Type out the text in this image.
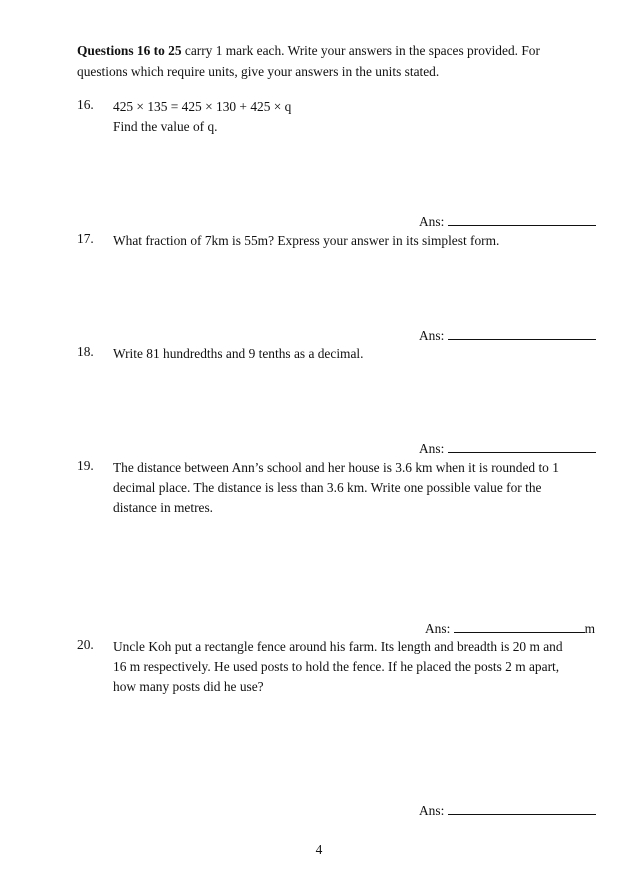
Questions 16 to 25 carry 1 mark each. Write your answers in the spaces provided. For
questions which require units, give your answers in the units stated.
16. 425 × 135 = 425 × 130 + 425 × q
Find the value of q.
Ans:
17. What fraction of 7km is 55m? Express your answer in its simplest form.
Ans:
18. Write 81 hundredths and 9 tenths as a decimal.
Ans:
19. The distance between Ann’s school and her house is 3.6 km when it is rounded to 1
decimal place. The distance is less than 3.6 km. Write one possible value for the
distance in metres.
Ans:	m
20. Uncle Koh put a rectangle fence around his farm. Its length and breadth is 20 m and
16 m respectively. He used posts to hold the fence. If he placed the posts 2 m apart,
how many posts did he use?
Ans:
4
